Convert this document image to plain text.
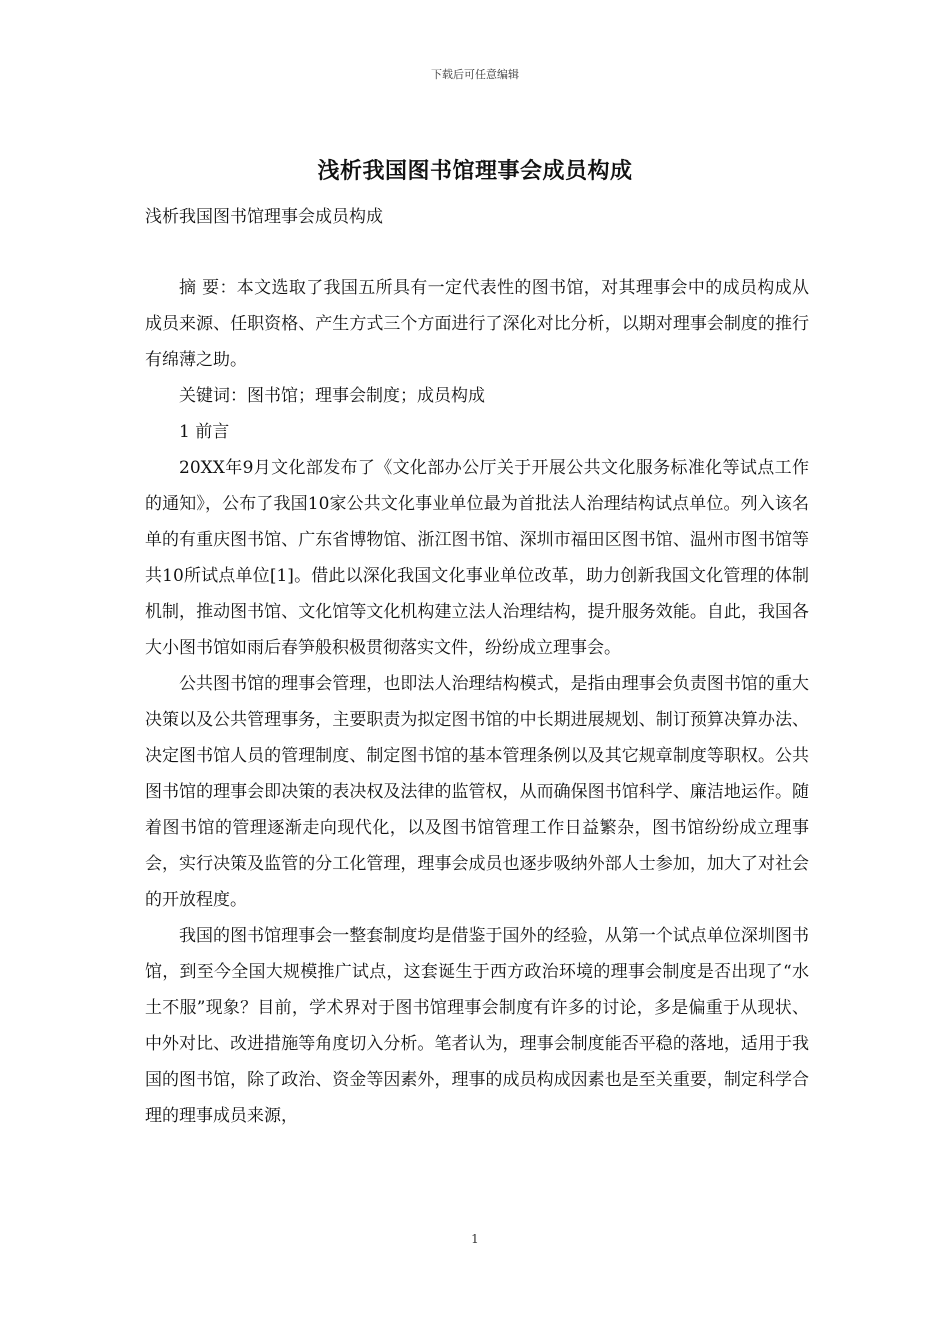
下载后可任意编辑
浅析我国图书馆理事会成员构成
浅析我国图书馆理事会成员构成

摘 要：本文选取了我国五所具有一定代表性的图书馆，对其理事会中的成员构成从成员来源、任职资格、产生方式三个方面进行了深化对比分析，以期对理事会制度的推行有绵薄之助。

关键词：图书馆；理事会制度；成员构成

1 前言

20XX年9月文化部发布了《文化部办公厅关于开展公共文化服务标准化等试点工作的通知》，公布了我国10家公共文化事业单位最为首批法人治理结构试点单位。列入该名单的有重庆图书馆、广东省博物馆、浙江图书馆、深圳市福田区图书馆、温州市图书馆等共10所试点单位[1]。借此以深化我国文化事业单位改革，助力创新我国文化管理的体制机制，推动图书馆、文化馆等文化机构建立法人治理结构，提升服务效能。自此，我国各大小图书馆如雨后春笋般积极贯彻落实文件，纷纷成立理事会。

公共图书馆的理事会管理，也即法人治理结构模式，是指由理事会负责图书馆的重大决策以及公共管理事务，主要职责为拟定图书馆的中长期进展规划、制订预算决算办法、决定图书馆人员的管理制度、制定图书馆的基本管理条例以及其它规章制度等职权。公共图书馆的理事会即决策的表决权及法律的监管权，从而确保图书馆科学、廉洁地运作。随着图书馆的管理逐渐走向现代化，以及图书馆管理工作日益繁杂，图书馆纷纷成立理事会，实行决策及监管的分工化管理，理事会成员也逐步吸纳外部人士参加，加大了对社会的开放程度。

我国的图书馆理事会一整套制度均是借鉴于国外的经验，从第一个试点单位深圳图书馆，到至今全国大规模推广试点，这套诞生于西方政治环境的理事会制度是否出现了“水土不服”现象？目前，学术界对于图书馆理事会制度有许多的讨论，多是偏重于从现状、中外对比、改进措施等角度切入分析。笔者认为，理事会制度能否平稳的落地，适用于我国的图书馆，除了政治、资金等因素外，理事的成员构成因素也是至关重要，制定科学合理的理事成员来源，

1
